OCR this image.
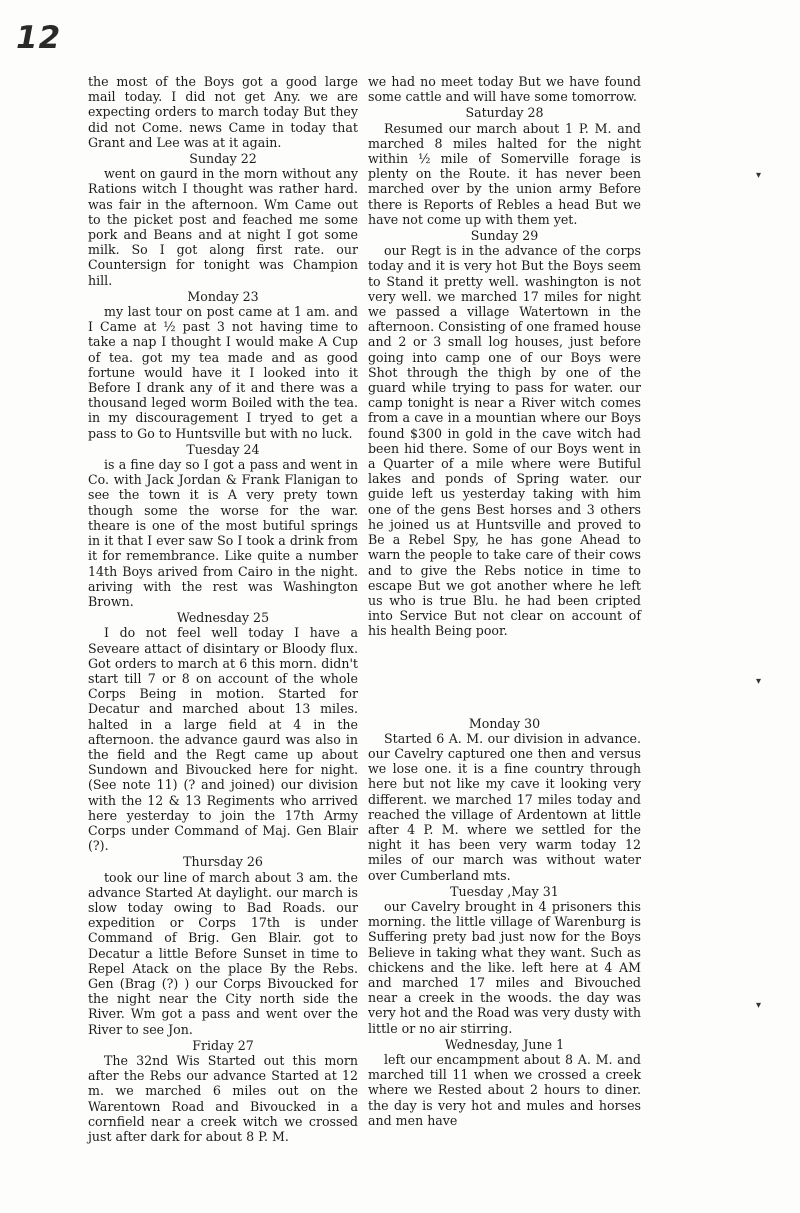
12

the most of the Boys got a good large mail today. I did not get Any. we are expecting orders to march today But they did not Come. news Came in today that Grant and Lee was at it again.

Sunday 22

went on gaurd in the morn without any Rations witch I thought was rather hard. was fair in the afternoon. Wm Came out to the picket post and feached me some pork and Beans and at night I got some milk. So I got along first rate. our Countersign for tonight was Champion hill.

Monday 23

my last tour on post came at 1 am. and I Came at ½ past 3 not having time to take a nap I thought I would make A Cup of tea. got my tea made and as good fortune would have it I looked into it Before I drank any of it and there was a thousand leged worm Boiled with the tea. in my discouragement I tryed to get a pass to Go to Huntsville but with no luck.

Tuesday 24

is a fine day so I got a pass and went in Co. with Jack Jordan & Frank Flanigan to see the town it is A very prety town though some the worse for the war. theare is one of the most butiful springs in it that I ever saw So I took a drink from it for remembrance. Like quite a number 14th Boys arived from Cairo in the night. ariving with the rest was Washington Brown.

Wednesday 25

I do not feel well today I have a Seveare attact of disintary or Bloody flux. Got orders to march at 6 this morn. didn't start till 7 or 8 on account of the whole Corps Being in motion. Started for Decatur and marched about 13 miles. halted in a large field at 4 in the afternoon. the advance gaurd was also in the field and the Regt came up about Sundown and Bivoucked here for night. (See note 11) (? and joined) our division with the 12 & 13 Regiments who arrived here yesterday to join the 17th Army Corps under Command of Maj. Gen Blair (?).

Thursday 26

took our line of march about 3 am. the advance Started At daylight. our march is slow today owing to Bad Roads. our expedition or Corps 17th is under Command of Brig. Gen Blair. got to Decatur a little Before Sunset in time to Repel Atack on the place By the Rebs. Gen (Brag (?) ) our Corps Bivoucked for the night near the City north side the River. Wm got a pass and went over the River to see Jon.

Friday 27

The 32nd Wis Started out this morn after the Rebs our advance Started at 12 m. we marched 6 miles out on the Warentown Road and Bivoucked in a cornfield near a creek witch we crossed just after dark for about 8 P. M.

we had no meet today But we have found some cattle and will have some tomorrow.

Saturday 28

Resumed our march about 1 P. M. and marched 8 miles halted for the night within ½ mile of Somerville forage is plenty on the Route. it has never been marched over by the union army Before there is Reports of Rebles a head But we have not come up with them yet.

Sunday 29

our Regt is in the advance of the corps today and it is very hot But the Boys seem to Stand it pretty well. washington is not very well. we marched 17 miles for night we passed a village Watertown in the afternoon. Consisting of one framed house and 2 or 3 small log houses, just before going into camp one of our Boys were Shot through the thigh by one of the guard while trying to pass for water. our camp tonight is near a River witch comes from a cave in a mountian where our Boys found $300 in gold in the cave witch had been hid there. Some of our Boys went in a Quarter of a mile where were Butiful lakes and ponds of Spring water. our guide left us yesterday taking with him one of the gens Best horses and 3 others he joined us at Huntsville and proved to Be a Rebel Spy, he has gone Ahead to warn the people to take care of their cows and to give the Rebs notice in time to escape But we got another where he left us who is true Blu. he had been cripted into Service But not clear on account of his health Being poor.

Monday 30

Started 6 A. M. our division in advance. our Cavelry captured one then and versus we lose one. it is a fine country through here but not like my cave it looking very different. we marched 17 miles today and reached the village of Ardentown at little after 4 P. M. where we settled for the night it has been very warm today 12 miles of our march was without water over Cumberland mts.

Tuesday ,May 31

our Cavelry brought in 4 prisoners this morning. the little village of Warenburg is Suffering prety bad just now for the Boys Believe in taking what they want. Such as chickens and the like. left here at 4 AM and marched 17 miles and Bivouched near a creek in the woods. the day was very hot and the Road was very dusty with little or no air stirring.

Wednesday, June 1

left our encampment about 8 A. M. and marched till 11 when we crossed a creek where we Rested about 2 hours to diner. the day is very hot and mules and horses and men have

▾
▾
▾
